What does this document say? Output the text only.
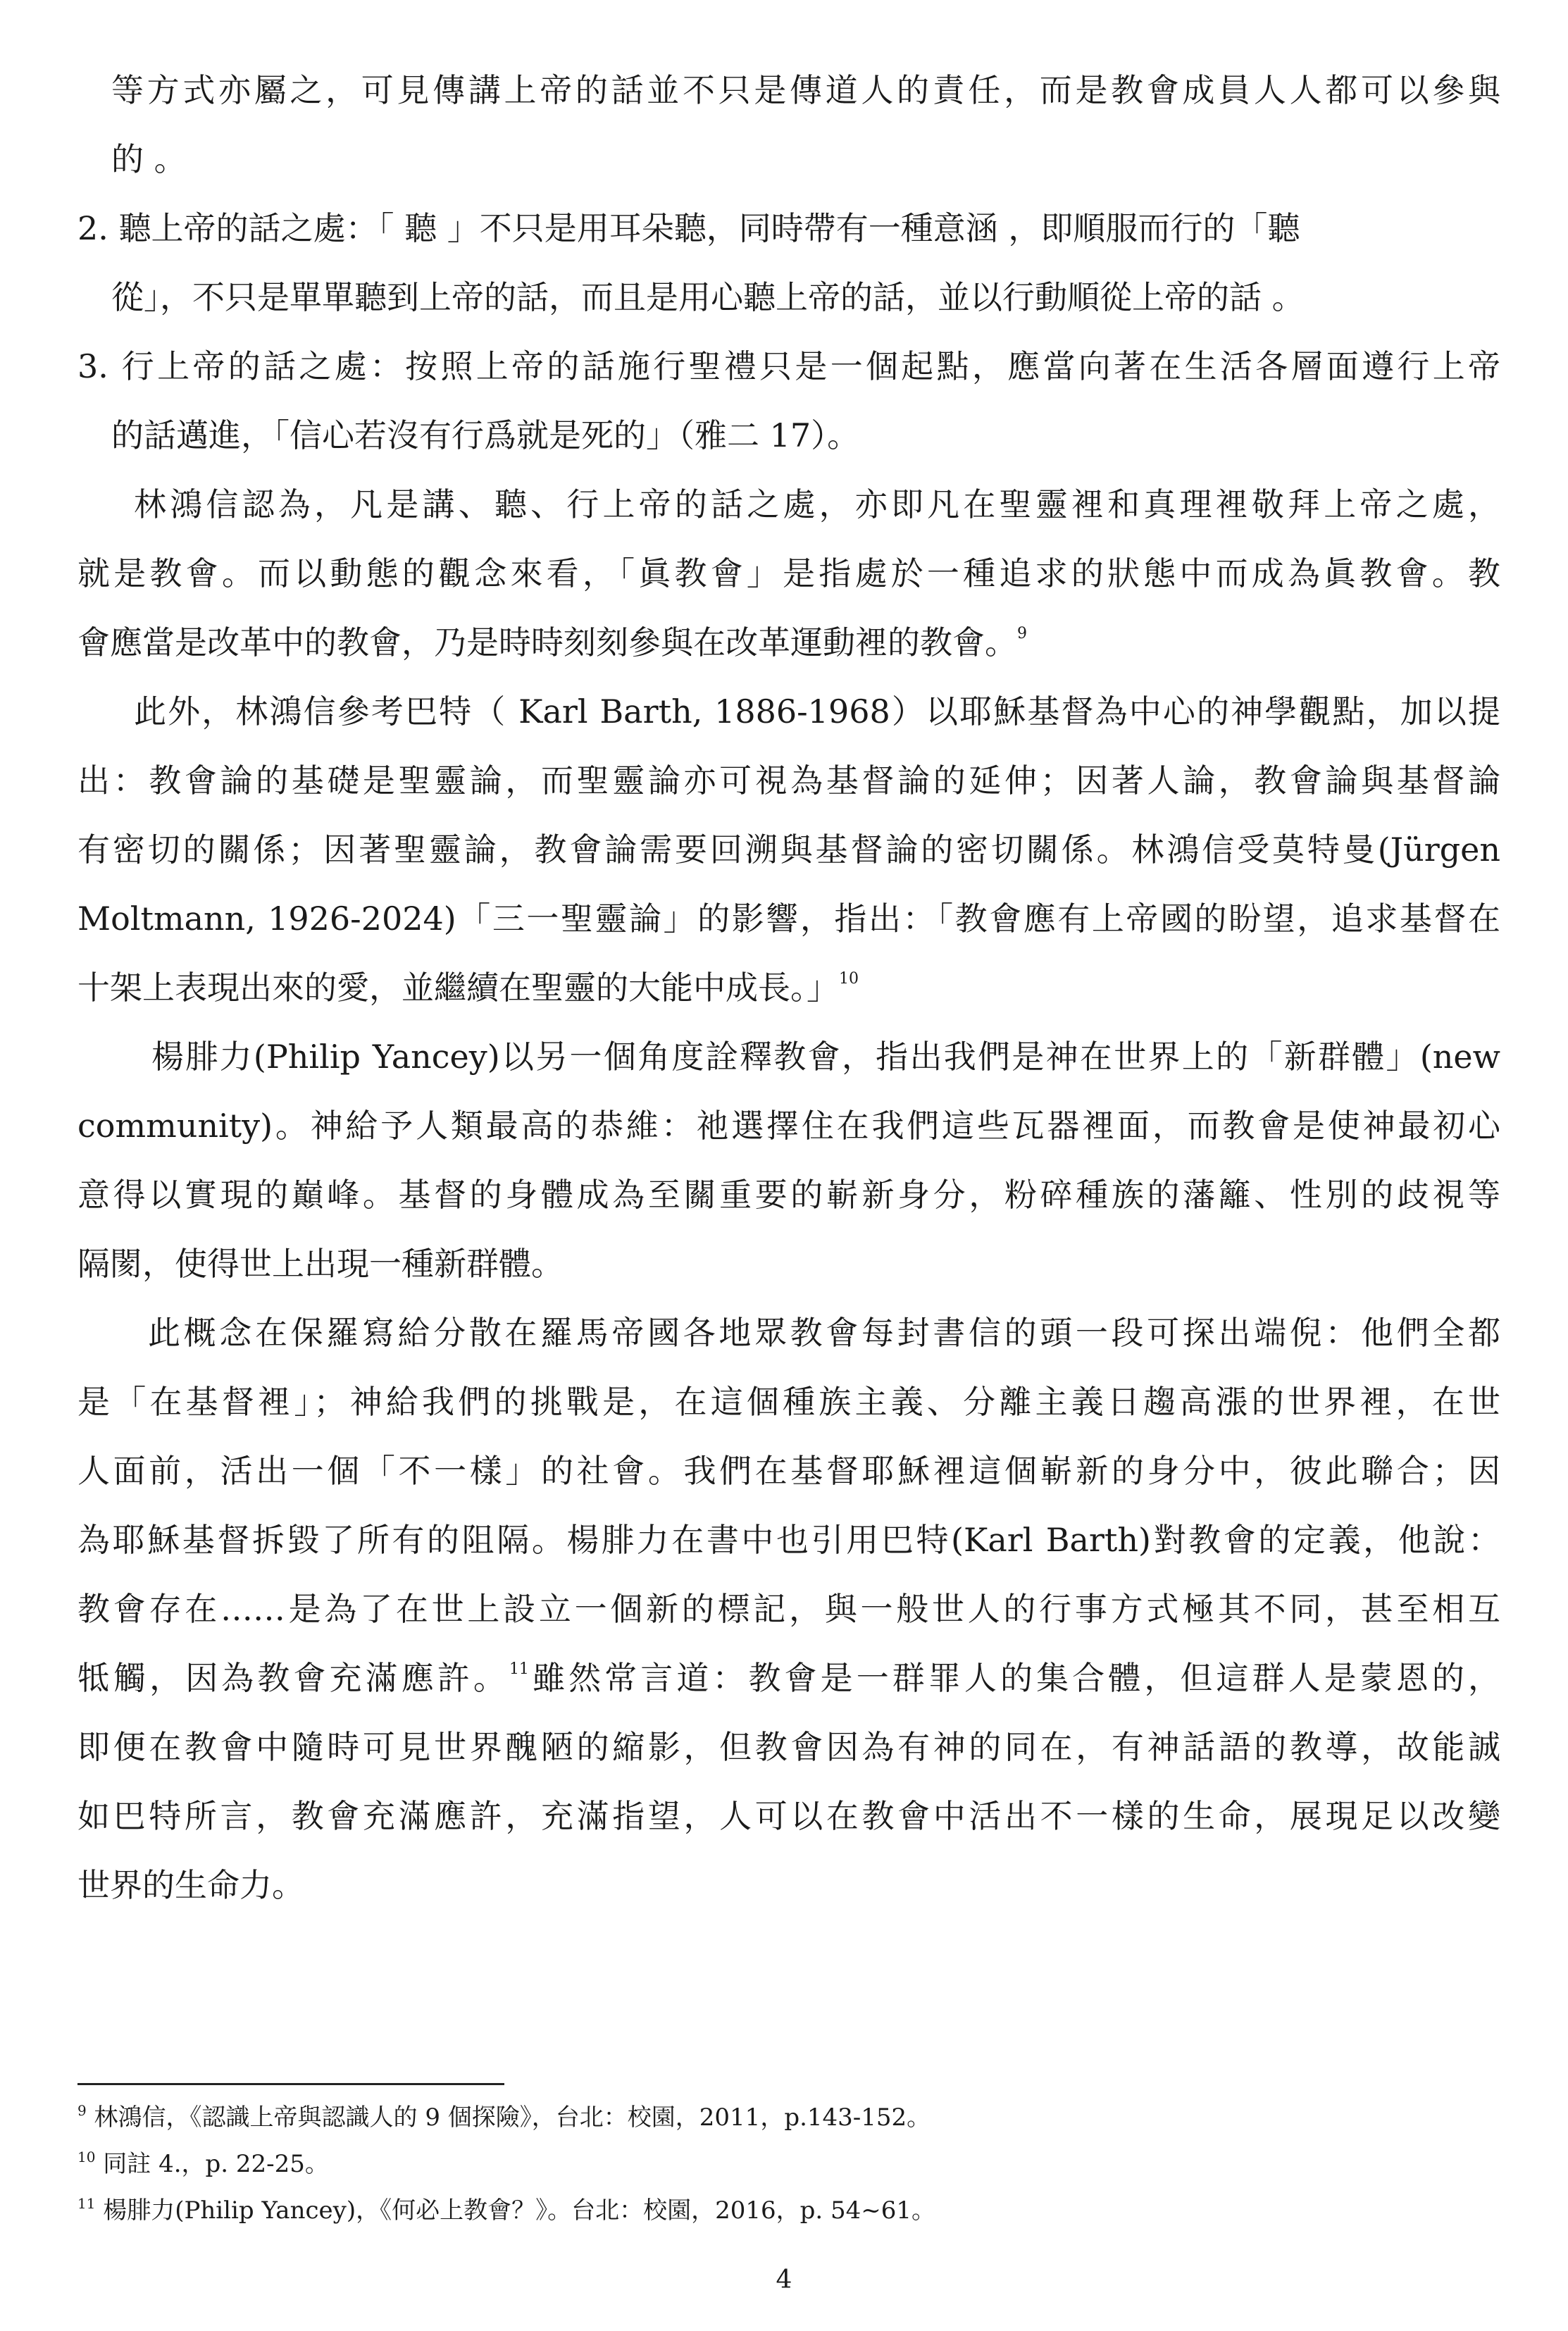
等方式亦屬之，可見傳講上帝的話並不只是傳道人的責任，而是教會成員人人都可以參與
的 。
2. 聽上帝的話之處：「 聽 」不只是用耳朵聽，同時帶有一種意涵 ，即順服而行的「聽
從」，不只是單單聽到上帝的話，而且是用心聽上帝的話，並以行動順從上帝的話 。
3. 行上帝的話之處：按照上帝的話施行聖禮只是一個起點，應當向著在生活各層面遵行上帝
的話邁進，「信心若沒有行爲就是死的」（雅二 17）。
林鴻信認為，凡是講、聽、行上帝的話之處，亦即凡在聖靈裡和真理裡敬拜上帝之處，
就是教會。而以動態的觀念來看，「眞教會」是指處於一種追求的狀態中而成為眞教會。教
會應當是改革中的教會，乃是時時刻刻參與在改革運動裡的教會。$^9$
此外，林鴻信參考巴特（ Karl Barth, 1886-1968）以耶穌基督為中心的神學觀點，加以提
出：教會論的基礎是聖靈論，而聖靈論亦可視為基督論的延伸；因著人論，教會論與基督論
有密切的關係；因著聖靈論，教會論需要回溯與基督論的密切關係。林鴻信受莫特曼(Jürgen
Moltmann, 1926-2024)「三一聖靈論」的影響，指出：「教會應有上帝國的盼望，追求基督在
十架上表現出來的愛，並繼續在聖靈的大能中成長。」$^{10}$
楊腓力(Philip Yancey)以另一個角度詮釋教會，指出我們是神在世界上的「新群體」(new
community)。神給予人類最高的恭維：祂選擇住在我們這些瓦器裡面，而教會是使神最初心
意得以實現的巔峰。基督的身體成為至關重要的嶄新身分，粉碎種族的藩籬、性別的歧視等
隔閡，使得世上出現一種新群體。
此概念在保羅寫給分散在羅馬帝國各地眾教會每封書信的頭一段可探出端倪：他們全都
是「在基督裡」；神給我們的挑戰是，在這個種族主義、分離主義日趨高漲的世界裡，在世
人面前，活出一個「不一樣」的社會。我們在基督耶穌裡這個嶄新的身分中，彼此聯合；因
為耶穌基督拆毀了所有的阻隔。楊腓力在書中也引用巴特(Karl Barth)對教會的定義，他說：
教會存在……是為了在世上設立一個新的標記，與一般世人的行事方式極其不同，甚至相互
牴觸，因為教會充滿應許。$^{11}$雖然常言道：教會是一群罪人的集合體，但這群人是蒙恩的，
即便在教會中隨時可見世界醜陋的縮影，但教會因為有神的同在，有神話語的教導，故能誠
如巴特所言，教會充滿應許，充滿指望，人可以在教會中活出不一樣的生命，展現足以改變
世界的生命力。
$^9$ 林鴻信，《認識上帝與認識人的 9 個探險》，台北：校園，2011，p.143-152。
$^{10}$ 同註 4.，p. 22-25。
$^{11}$ 楊腓力(Philip Yancey)，《何必上教會？》。台北：校園，2016，p. 54~61。
4
